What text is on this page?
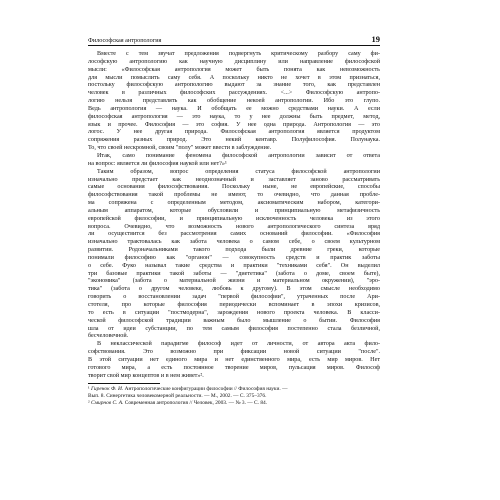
Философская антропология	19

Вместе с тем звучат предложения подвергнуть критическому разбору саму фи-
лософскую антропологию как научную дисциплину или направление философской
мысли: «Философская антропология может быть понята как невозможность
для мысли помыслить саму себя. А поскольку никто не хочет в этом признаться,
постольку философскую антропологию выдают за знание того, как представлен
человек в различных философских рассуждениях. <...> Философскую антропо-
логию нельзя представлять как обобщение некоей антропологии. Ибо это глупо.
Ведь антропология — наука. И обобщать ее можно средствами науки. А если
философская антропология — это наука, то у нее должны быть предмет, метод,
язык и прочее. Философия — это софия. У нее одна природа. Антропология — это
логос. У нее другая природа. Философская антропология является продуктом
сопряжения разных природ. Это некий кентавр. Полуфилософия. Полунаука.
То, что своей нескромной, своим "полу" может ввести в заблуждение.

Итак, само понимание феномена философской антропологии зависит от ответа
на вопрос: является ли философия наукой или нет?»¹

Таким образом, вопрос определения статуса философской антропологии
изначально предстает как неоднозначный и заставляет заново рассматривать
самые основания философствования. Поскольку ныне, не европейские, способы
философствования такой проблемы не имеют, то очевидно, что данная пробле-
ма сопряжена с определенным методом, аксиоматическим набором, категори-
альным аппаратом, которые обусловили и принципиальную метафизичность
европейской философии, и принципиальную исключенность человека из этого
вопроса. Очевидно, что возможность нового антропологического синтеза вряд
ли осуществится без рассмотрения самих оснований философии. «Философия
изначально трактовалась как забота человека о самом себе, о своем культурном
развитии. Родоначальниками такого подхода были древние греки, которые
понимали философию как "органон" — совокупность средств и практик заботы
о себе. Фуко называл такие средства и практики "техниками себя". Он выделил
три базовые практики такой заботы — "диететика" (забота о доме, своем быте),
"экономика" (забота о материальной жизни и материальном окружении), "эро-
тика" (забота о другом человеке, любовь к другому). В этом смысле необходимо
говорить о восстановлении задач "первой философии", утраченных после Ари-
стотеля, про которые философия периодически вспоминает в эпохи кризисов,
то есть в ситуации "постмодерна", зарождения нового проекта человека. В класси-
ческой философской традиции важным было мышление о бытии. Философия
шла от идеи субстанции, по тем самым философия постепенно стала безличной,
бесчеловечной.

В неклассической парадигме философ идет от личности, от автора акта фило-
софствования. Это возможно при фиксации новой ситуации "после".
В этой ситуации нет единого мира и нет единственного мира, есть мир миров. Нет
готового мира, а есть постоянное творение миров, пульсация миров. Философ
творит свой мир концептов и в нем живет»².

¹ Гиренок Ф. И. Антропологические конфигурации философии // Философия науки. —
Вып. 8. Синергетика человекомерной реальности. — М., 2002. — С. 375–376.

² Смирнов С. А. Современная антропология // Человек, 2003. — № 3. — С. 84.
